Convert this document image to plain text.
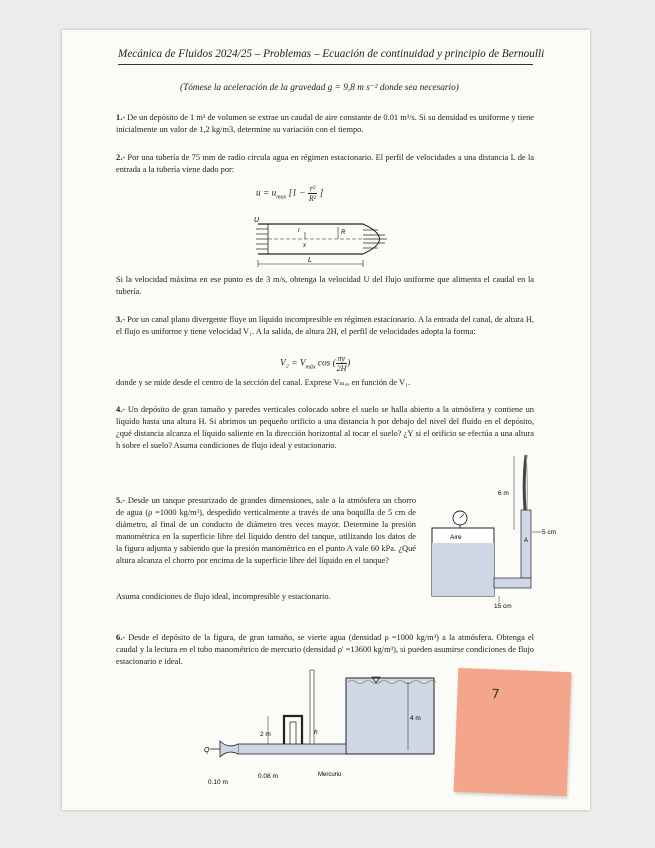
Mecánica de Fluidos 2024/25 – Problemas – Ecuación de continuidad y principio de Bernoulli
(Tómese la aceleración de la gravedad g = 9,8 m s⁻² donde sea necesario)
1.- De un depósito de 1 m³ de volumen se extrae un caudal de aire constante de 0.01 m³/s. Si su densidad es uniforme y tiene inicialmente un valor de 1,2 kg/m3, determine su variación con el tiempo.
2.- Por una tubería de 75 mm de radio circula agua en régimen estacionario. El perfil de velocidades a una distancia L de la entrada a la tubería viene dado por:
$u = u_{max}$ [$1 - \frac{\text{r²}}{\text{R²}}$ ]
U
r
x
R
L
Si la velocidad máxima en ese punto es de 3 m/s, obtenga la velocidad U del flujo uniforme que alimenta el caudal en la tubería.
3.- Por un canal plano divergente fluye un líquido incompresible en régimen estacionario. A la entrada del canal, de altura H, el flujo es uniforme y tiene velocidad V₁. A la salida, de altura 2H, el perfil de velocidades adopta la forma:
$V_2 = V_{máx}$ cos ( $\frac{\pi y}{2H}$ )
donde y se mide desde el centro de la sección del canal. Exprese Vₘₐₓ en función de V₁.
4.- Un depósito de gran tamaño y paredes verticales colocado sobre el suelo se halla abierto a la atmósfera y contiene un líquido hasta una altura H. Si abrimos un pequeño orificio a una distancia h por debajo del nivel del fluido en el depósito, ¿qué distancia alcanza el líquido saliente en la dirección horizontal al tocar el suelo? ¿Y si el orificio se efectúa a una altura h sobre el suelo? Asuma condiciones de flujo ideal y estacionario.
5.- Desde un tanque presurizado de grandes dimensiones, sale a la atmósfera un chorro de agua (ρ =1000 kg/m³), despedido verticalmente a través de una boquilla de 5 cm de diámetro, al final de un conducto de diámetro tres veces mayor. Determine la presión manométrica en la superficie libre del líquido dentro del tanque, utilizando los datos de la figura adjunta y sabiendo que la presión manométrica en el punto A vale 60 kPa. ¿Qué altura alcanza el chorro por encima de la superficie libre del líquido en el tanque?
Asuma condiciones de flujo ideal, incompresible y estacionario.
6 m
5 cm
A
Aire
15 cm
6.- Desde el depósito de la figura, de gran tamaño, se vierte agua (densidad ρ =1000 kg/m³) a la atmósfera. Obtenga el caudal y la lectura en el tubo manométrico de mercurio (densidad ρ' =13600 kg/m³), si pueden asumirse condiciones de flujo estacionario e ideal.
4 m
Q
2 m	h
Mercurio
0.10 m
0.08 m
7
